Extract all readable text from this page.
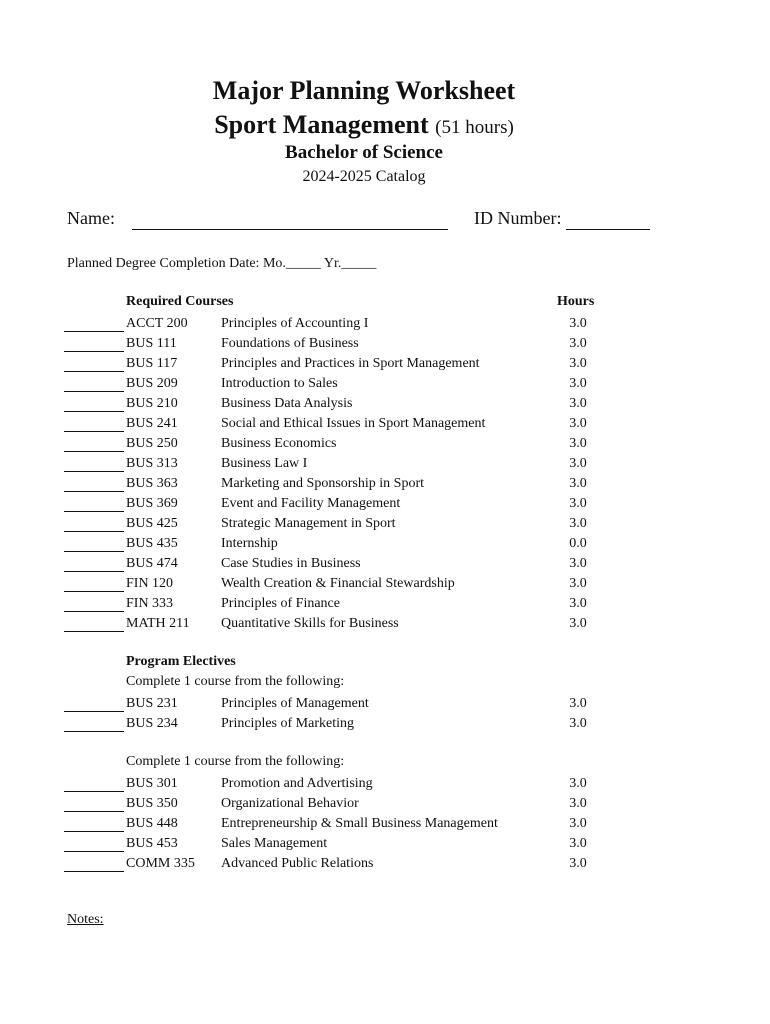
Major Planning Worksheet
Sport Management (51 hours)
Bachelor of Science
2024-2025 Catalog
Name:	ID Number:
Planned Degree Completion Date: Mo._____ Yr._____
Required Courses	Hours
ACCT 200 Principles of Accounting I	3.0
BUS 111	Foundations of Business	3.0
BUS 117	Principles and Practices in Sport Management	3.0
BUS 209	Introduction to Sales	3.0
BUS 210	Business Data Analysis	3.0
BUS 241	Social and Ethical Issues in Sport Management	3.0
BUS 250	Business Economics	3.0
BUS 313	Business Law I	3.0
BUS 363	Marketing and Sponsorship in Sport	3.0
BUS 369	Event and Facility Management	3.0
BUS 425	Strategic Management in Sport	3.0
BUS 435	Internship	0.0
BUS 474	Case Studies in Business	3.0
FIN 120	Wealth Creation & Financial Stewardship	3.0
FIN 333	Principles of Finance	3.0
MATH 211 Quantitative Skills for Business	3.0
Program Electives
Complete 1 course from the following:
BUS 231	Principles of Management	3.0
BUS 234	Principles of Marketing	3.0
Complete 1 course from the following:
BUS 301	Promotion and Advertising	3.0
BUS 350	Organizational Behavior	3.0
BUS 448	Entrepreneurship & Small Business Management	3.0
BUS 453	Sales Management	3.0
COMM 335 Advanced Public Relations	3.0
Notes:
